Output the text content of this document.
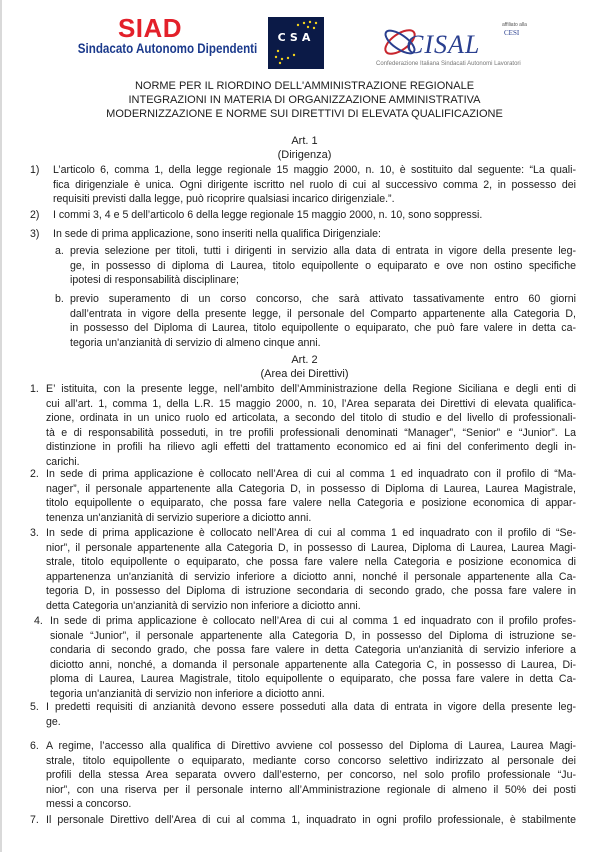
SIAD
Sindacato Autonomo Dipendenti
CSA	CISAL
affiliato alla
CESI
Confederazione Italiana Sindacati Autonomi Lavoratori
NORME PER IL RIORDINO DELL'AMMINISTRAZIONE REGIONALE
INTEGRAZIONI IN MATERIA DI ORGANIZZAZIONE AMMINISTRATIVA
MODERNIZZAZIONE E NORME SUI DIRETTIVI DI ELEVATA QUALIFICAZIONE
Art. 1
(Dirigenza)
1) L’articolo 6, comma 1, della legge regionale 15 maggio 2000, n. 10, è sostituito dal seguente: “La quali-
fica dirigenziale è unica. Ogni dirigente iscritto nel ruolo di cui al successivo comma 2, in possesso dei
requisiti previsti dalla legge, può ricoprire qualsiasi incarico dirigenziale.”.
2) I commi 3, 4 e 5 dell’articolo 6 della legge regionale 15 maggio 2000, n. 10, sono soppressi.
3) In sede di prima applicazione, sono inseriti nella qualifica Dirigenziale:
a. previa selezione per titoli, tutti i dirigenti in servizio alla data di entrata in vigore della presente leg-
ge, in possesso di diploma di Laurea, titolo equipollente o equiparato e ove non ostino specifiche
ipotesi di responsabilità disciplinare;
b. previo superamento di un corso concorso, che sarà attivato tassativamente entro 60 giorni
dall’entrata in vigore della presente legge, il personale del Comparto appartenente alla Categoria D,
in possesso del Diploma di Laurea, titolo equipollente o equiparato, che può fare valere in detta ca-
tegoria un'anzianità di servizio di almeno cinque anni.
Art. 2
(Area dei Direttivi)
1. E’ istituita, con la presente legge, nell’ambito dell’Amministrazione della Regione Siciliana e degli enti di
cui all’art. 1, comma 1, della L.R. 15 maggio 2000, n. 10, l’Area separata dei Direttivi di elevata qualifica-
zione, ordinata in un unico ruolo ed articolata, a secondo del titolo di studio e del livello di professionali-
tà e di responsabilità posseduti, in tre profili professionali denominati “Manager”, “Senior” e “Junior”. La
distinzione in profili ha rilievo agli effetti del trattamento economico ed ai fini del conferimento degli in-
carichi.
2. In sede di prima applicazione è collocato nell’Area di cui al comma 1 ed inquadrato con il profilo di “Ma-
nager”, il personale appartenente alla Categoria D, in possesso di Diploma di Laurea, Laurea Magistrale,
titolo equipollente o equiparato, che possa fare valere nella Categoria e posizione economica di appar-
tenenza un'anzianità di servizio superiore a diciotto anni.
3. In sede di prima applicazione è collocato nell’Area di cui al comma 1 ed inquadrato con il profilo di “Se-
nior”, il personale appartenente alla Categoria D, in possesso di Laurea, Diploma di Laurea, Laurea Magi-
strale, titolo equipollente o equiparato, che possa fare valere nella Categoria e posizione economica di
appartenenza un'anzianità di servizio inferiore a diciotto anni, nonché il personale appartenente alla Ca-
tegoria D, in possesso del Diploma di istruzione secondaria di secondo grado, che possa fare valere in
detta Categoria un'anzianità di servizio non inferiore a diciotto anni.
4. In sede di prima applicazione è collocato nell’Area di cui al comma 1 ed inquadrato con il profilo profes-
sionale “Junior”, il personale appartenente alla Categoria D, in possesso del Diploma di istruzione se-
condaria di secondo grado, che possa fare valere in detta Categoria un'anzianità di servizio inferiore a
diciotto anni, nonché, a domanda il personale appartenente alla Categoria C, in possesso di Laurea, Di-
ploma di Laurea, Laurea Magistrale, titolo equipollente o equiparato, che possa fare valere in detta Ca-
tegoria un'anzianità di servizio non inferiore a diciotto anni.
5. I predetti requisiti di anzianità devono essere posseduti alla data di entrata in vigore della presente leg-
ge.
6. A regime, l’accesso alla qualifica di Direttivo avviene col possesso del Diploma di Laurea, Laurea Magi-
strale, titolo equipollente o equiparato, mediante corso concorso selettivo indirizzato al personale dei
profili della stessa Area separata ovvero dall’esterno, per concorso, nel solo profilo professionale “Ju-
nior”, con una riserva per il personale interno all’Amministrazione regionale di almeno il 50% dei posti
messi a concorso.
7. Il personale Direttivo dell’Area di cui al comma 1, inquadrato in ogni profilo professionale, è stabilmente
